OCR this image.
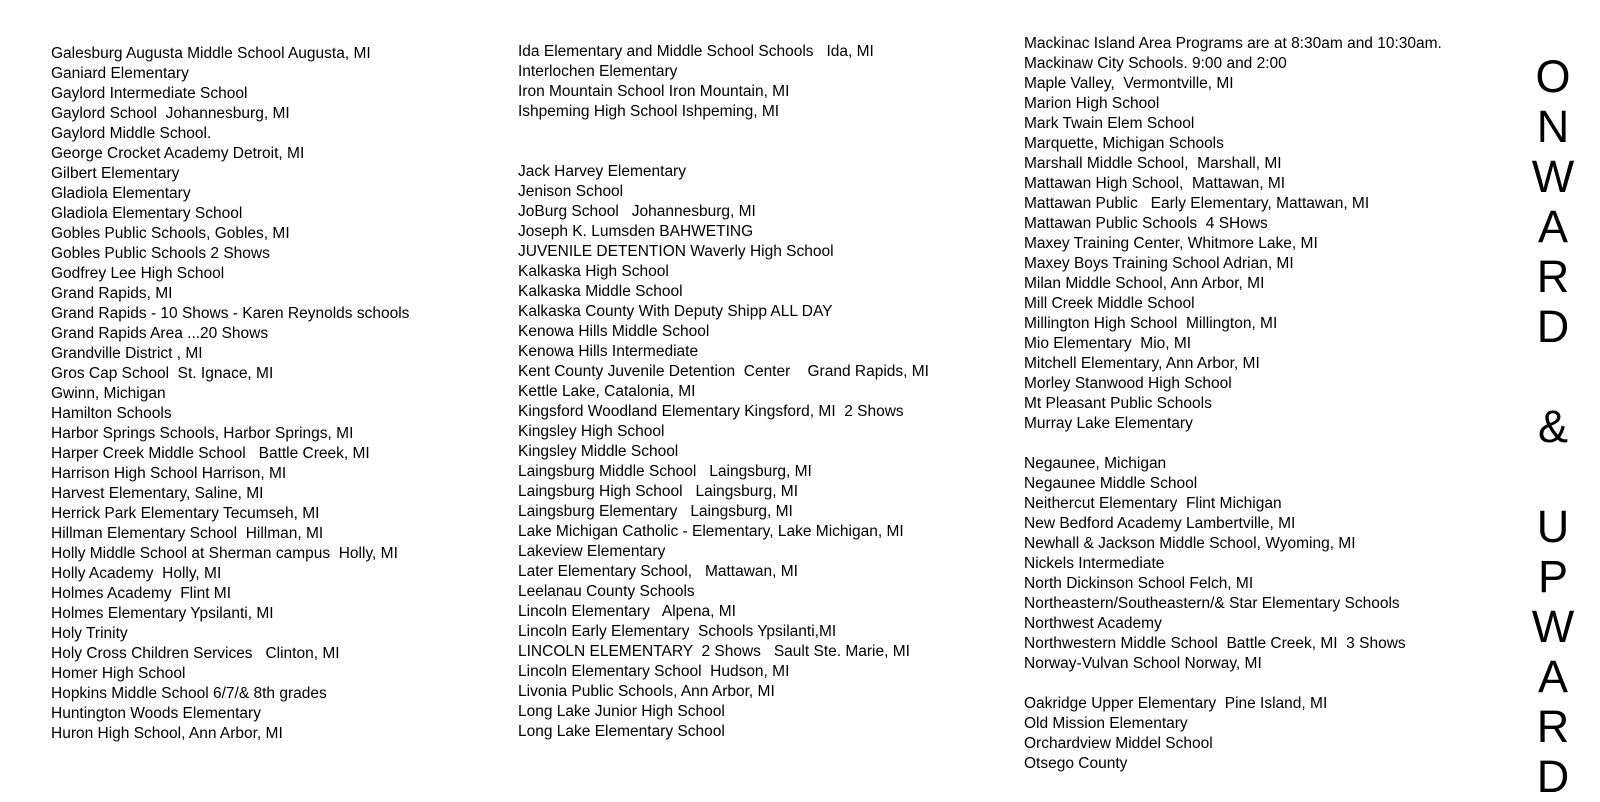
Galesburg Augusta Middle School Augusta, MI
Ganiard Elementary
Gaylord Intermediate School
Gaylord School  Johannesburg, MI
Gaylord Middle School.
George Crocket Academy Detroit, MI
Gilbert Elementary
Gladiola Elementary
Gladiola Elementary School
Gobles Public Schools, Gobles, MI
Gobles Public Schools 2 Shows
Godfrey Lee High School
Grand Rapids, MI
Grand Rapids - 10 Shows - Karen Reynolds schools
Grand Rapids Area ...20 Shows
Grandville District , MI
Gros Cap School  St. Ignace, MI
Gwinn, Michigan
Hamilton Schools
Harbor Springs Schools, Harbor Springs, MI
Harper Creek Middle School   Battle Creek, MI
Harrison High School Harrison, MI
Harvest Elementary, Saline, MI
Herrick Park Elementary Tecumseh, MI
Hillman Elementary School  Hillman, MI
Holly Middle School at Sherman campus  Holly, MI
Holly Academy  Holly, MI
Holmes Academy  Flint MI
Holmes Elementary Ypsilanti, MI
Holy Trinity
Holy Cross Children Services   Clinton, MI
Homer High School
Hopkins Middle School 6/7/& 8th grades
Huntington Woods Elementary
Huron High School, Ann Arbor, MI
Ida Elementary and Middle School Schools   Ida, MI
Interlochen Elementary
Iron Mountain School Iron Mountain, MI
Ishpeming High School Ishpeming, MI
Jack Harvey Elementary
Jenison School
JoBurg School   Johannesburg, MI
Joseph K. Lumsden BAHWETING
JUVENILE DETENTION Waverly High School
Kalkaska High School
Kalkaska Middle School
Kalkaska County With Deputy Shipp ALL DAY
Kenowa Hills Middle School
Kenowa Hills Intermediate
Kent County Juvenile Detention  Center    Grand Rapids, MI
Kettle Lake, Catalonia, MI
Kingsford Woodland Elementary Kingsford, MI  2 Shows
Kingsley High School
Kingsley Middle School
Laingsburg Middle School   Laingsburg, MI
Laingsburg High School   Laingsburg, MI
Laingsburg Elementary   Laingsburg, MI
Lake Michigan Catholic - Elementary, Lake Michigan, MI
Lakeview Elementary
Later Elementary School,   Mattawan, MI
Leelanau County Schools
Lincoln Elementary   Alpena, MI
Lincoln Early Elementary  Schools Ypsilanti,MI
LINCOLN ELEMENTARY  2 Shows   Sault Ste. Marie, MI
Lincoln Elementary School  Hudson, MI
Livonia Public Schools, Ann Arbor, MI
Long Lake Junior High School
Long Lake Elementary School
Mackinac Island Area Programs are at 8:30am and 10:30am.
Mackinaw City Schools. 9:00 and 2:00
Maple Valley,  Vermontville, MI
Marion High School
Mark Twain Elem School
Marquette, Michigan Schools
Marshall Middle School,  Marshall, MI
Mattawan High School,  Mattawan, MI
Mattawan Public   Early Elementary, Mattawan, MI
Mattawan Public Schools  4 SHows
Maxey Training Center, Whitmore Lake, MI
Maxey Boys Training School Adrian, MI
Milan Middle School, Ann Arbor, MI
Mill Creek Middle School
Millington High School  Millington, MI
Mio Elementary  Mio, MI
Mitchell Elementary, Ann Arbor, MI
Morley Stanwood High School
Mt Pleasant Public Schools
Murray Lake Elementary
Negaunee, Michigan
Negaunee Middle School
Neithercut Elementary  Flint Michigan
New Bedford Academy Lambertville, MI
Newhall & Jackson Middle School, Wyoming, MI
Nickels Intermediate
North Dickinson School Felch, MI
Northeastern/Southeastern/& Star Elementary Schools
Northwest Academy
Northwestern Middle School  Battle Creek, MI  3 Shows
Norway-Vulvan School Norway, MI
Oakridge Upper Elementary  Pine Island, MI
Old Mission Elementary
Orchardview Middel School
Otsego County
O
N
W
A
R
D
&
U
P
W
A
R
D
